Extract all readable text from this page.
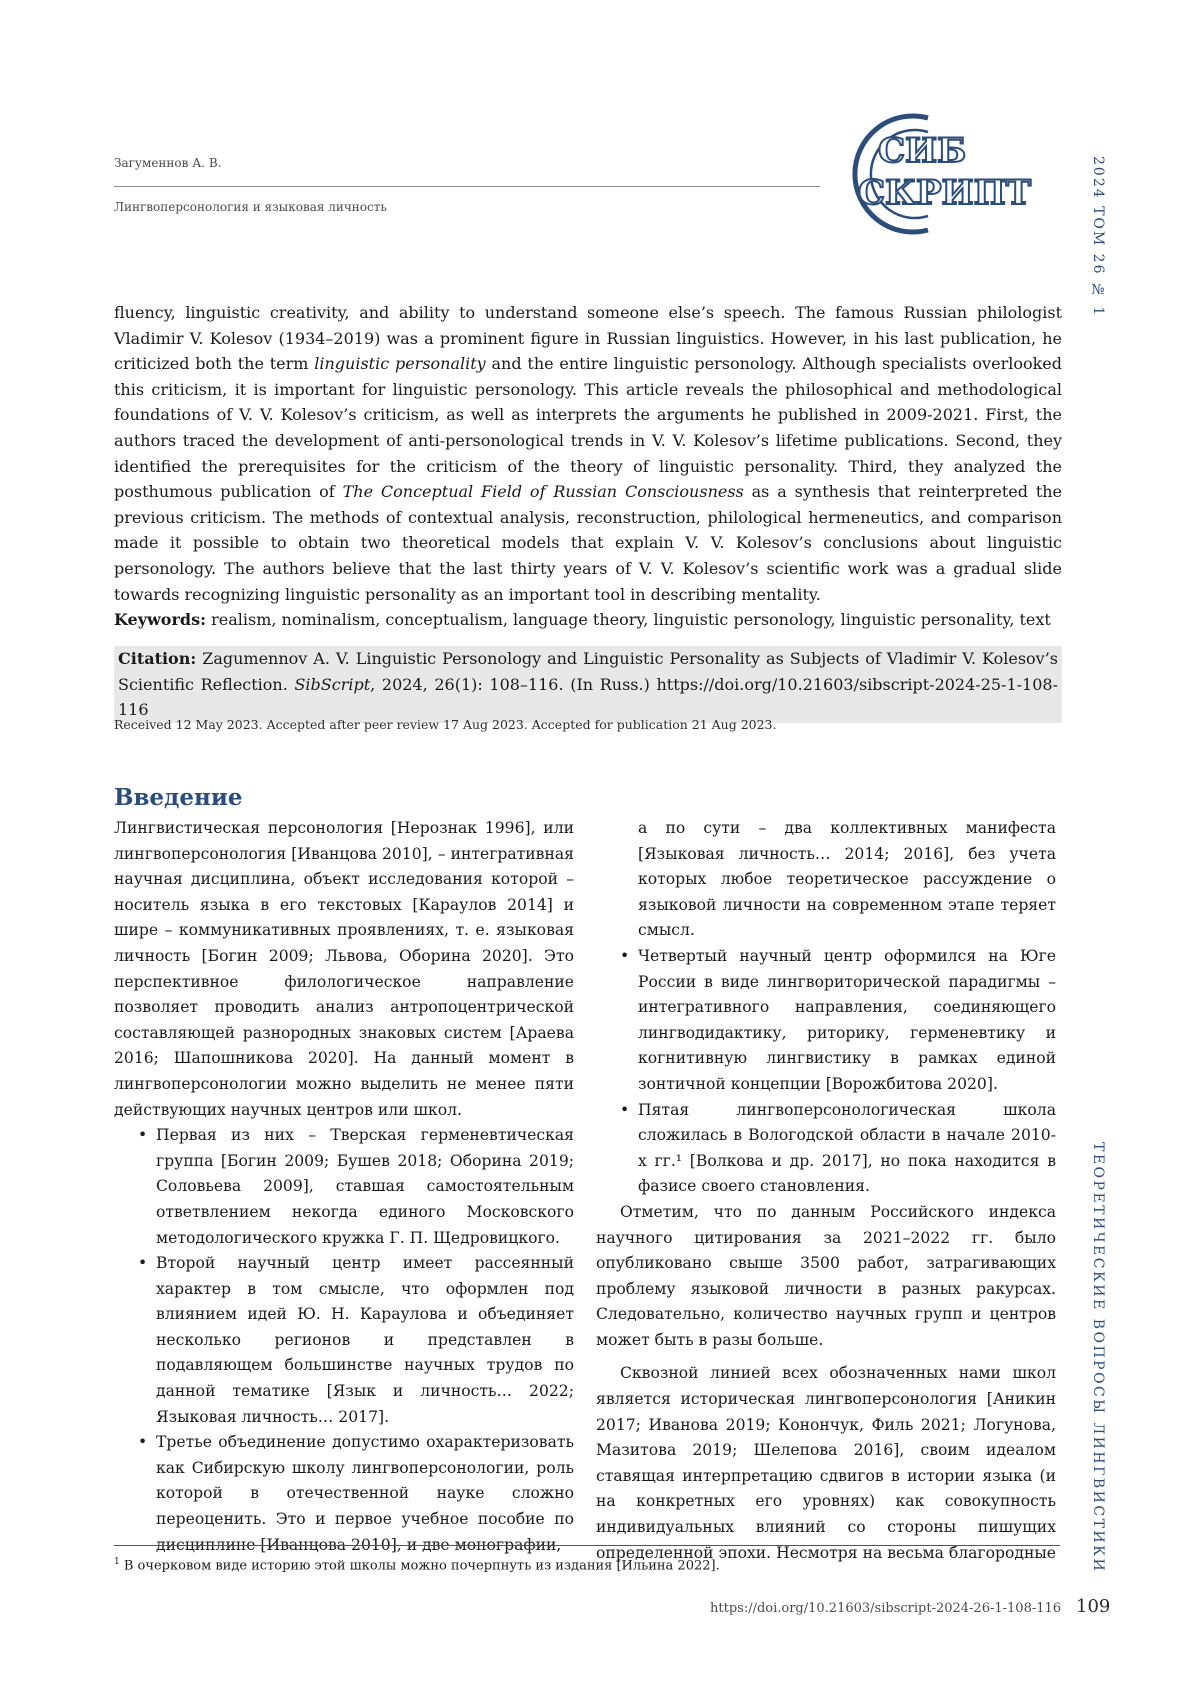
Загуменнов А. В.
Лингвоперсонология и языковая личность
СИБ
СКРИПТ	2024 ТОМ 26 № 1
ТЕОРЕТИЧЕСКИЕ ВОПРОСЫ ЛИНГВИСТИКИ

fluency, linguistic creativity, and ability to understand someone else’s speech. The famous Russian philologist Vladimir V. Kolesov (1934–2019) was a prominent figure in Russian linguistics. However, in his last publication, he criticized both the term linguistic personality and the entire linguistic personology. Although specialists overlooked this criticism, it is important for linguistic personology. This article reveals the philosophical and methodological foundations of V. V. Kolesov’s criticism, as well as interprets the arguments he published in 2009-2021. First, the authors traced the development of anti-personological trends in V. V. Kolesov’s lifetime publications. Second, they identified the prerequisites for the criticism of the theory of linguistic personality. Third, they analyzed the posthumous publication of The Conceptual Field of Russian Consciousness as a synthesis that reinterpreted the previous criticism. The methods of contextual analysis, reconstruction, philological hermeneutics, and comparison made it possible to obtain two theoretical models that explain V. V. Kolesov’s conclusions about linguistic personology. The authors believe that the last thirty years of V. V. Kolesov’s scientific work was a gradual slide towards recognizing linguistic personality as an important tool in describing mentality.

Keywords: realism, nominalism, conceptualism, language theory, linguistic personology, linguistic personality, text

Citation: Zagumennov A. V. Linguistic Personology and Linguistic Personality as Subjects of Vladimir V. Kolesov’s Scientific Reflection. SibScript, 2024, 26(1): 108–116. (In Russ.) https://doi.org/10.21603/sibscript-2024-25-1-108-116
Received 12 May 2023. Accepted after peer review 17 Aug 2023. Accepted for publication 21 Aug 2023.
Введение

Лингвистическая персонология [Нерознак 1996], или лингвоперсонология [Иванцова 2010], – интегративная научная дисциплина, объект исследования которой – носитель языка в его текстовых [Караулов 2014] и шире – коммуникативных проявлениях, т. е. языковая личность [Богин 2009; Львова, Оборина 2020]. Это перспективное филологическое направление позволяет проводить анализ антропоцентрической составляющей разнородных знаковых систем [Араева 2016; Шапошникова 2020]. На данный момент в лингвоперсонологии можно выделить не менее пяти действующих научных центров или школ.

• Первая из них – Тверская герменевтическая группа [Богин 2009; Бушев 2018; Оборина 2019; Соловьева 2009], ставшая самостоятельным ответвлением некогда единого Московского методологического кружка Г. П. Щедровицкого.
• Второй научный центр имеет рассеянный характер в том смысле, что оформлен под влиянием идей Ю. Н. Караулова и объединяет несколько регионов и представлен в подавляющем большинстве научных трудов по данной тематике [Язык и личность… 2022; Языковая личность… 2017].
• Третье объединение допустимо охарактеризовать как Сибирскую школу лингвоперсонологии, роль которой в отечественной науке сложно переоценить. Это и первое учебное пособие по дисциплине [Иванцова 2010], и две монографии,

а по сути – два коллективных манифеста [Языковая личность… 2014; 2016], без учета которых любое теоретическое рассуждение о языковой личности на современном этапе теряет смысл.

• Четвертый научный центр оформился на Юге России в виде лингвориторической парадигмы – интегративного направления, соединяющего лингводидактику, риторику, герменевтику и когнитивную лингвистику в рамках единой зонтичной концепции [Ворожбитова 2020].
• Пятая лингвоперсонологическая школа сложилась в Вологодской области в начале 2010-х гг.¹ [Волкова и др. 2017], но пока находится в фазисе своего становления.

Отметим, что по данным Российского индекса научного цитирования за 2021–2022 гг. было опубликовано свыше 3500 работ, затрагивающих проблему языковой личности в разных ракурсах. Следовательно, количество научных групп и центров может быть в разы больше.

Сквозной линией всех обозначенных нами школ является историческая лингвоперсонология [Аникин 2017; Иванова 2019; Конончук, Филь 2021; Логунова, Мазитова 2019; Шелепова 2016], своим идеалом ставящая интерпретацию сдвигов в истории языка (и на конкретных его уровнях) как совокупность индивидуальных влияний со стороны пишущих определенной эпохи. Несмотря на весьма благородные

$^1$ В очерковом виде историю этой школы можно почерпнуть из издания [Ильина 2022].
https://doi.org/10.21603/sibscript-2024-26-1-108-116 109
